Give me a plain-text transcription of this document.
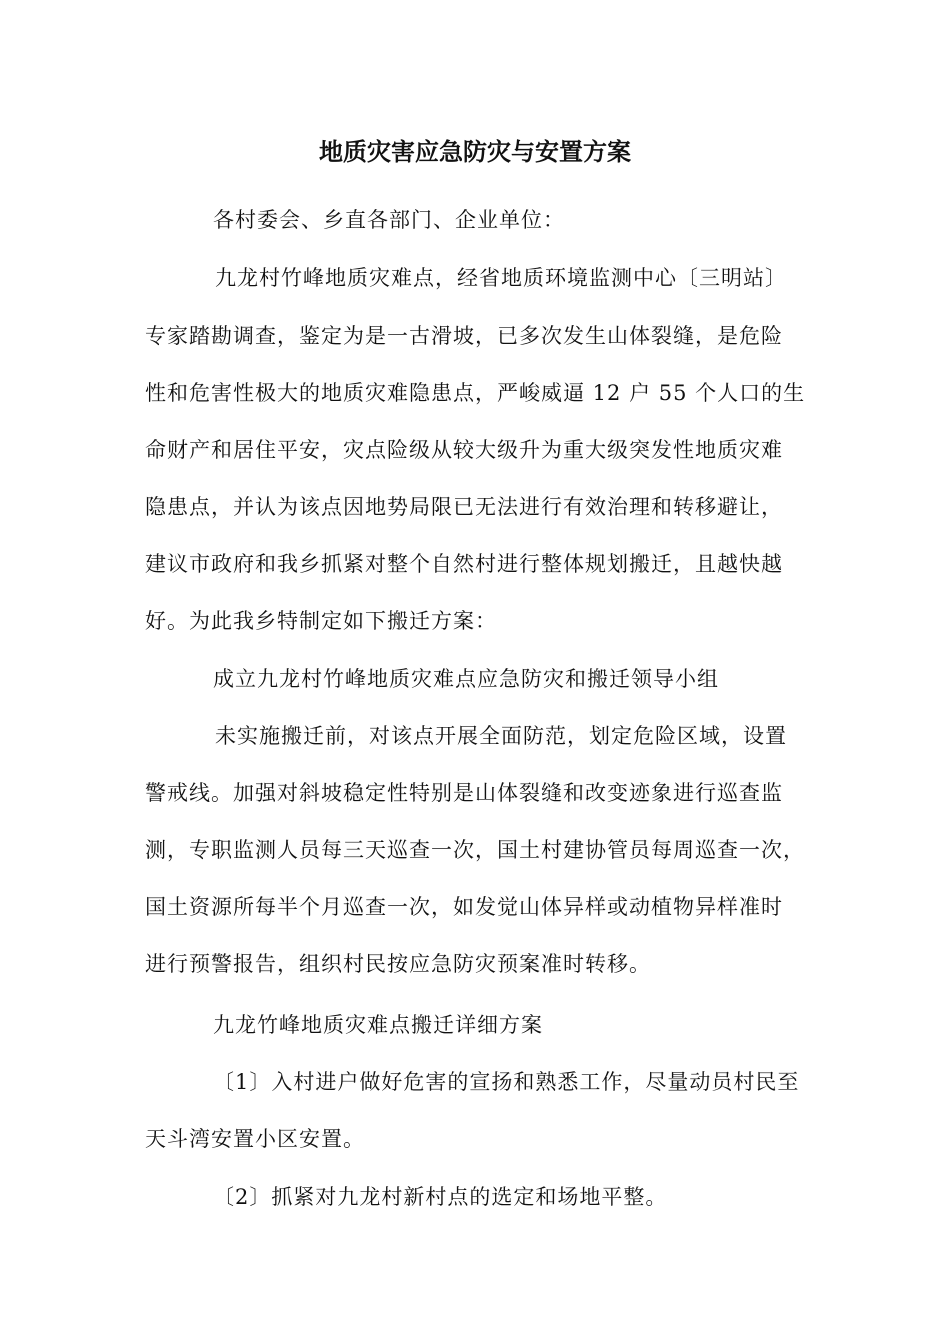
地质灾害应急防灾与安置方案
各村委会、乡直各部门、企业单位：
九龙村竹峰地质灾难点，经省地质环境监测中心〔三明站〕
专家踏勘调查，鉴定为是一古滑坡，已多次发生山体裂缝，是危险
性和危害性极大的地质灾难隐患点，严峻威逼 12 户 55 个人口的生
命财产和居住平安，灾点险级从较大级升为重大级突发性地质灾难
隐患点，并认为该点因地势局限已无法进行有效治理和转移避让，
建议市政府和我乡抓紧对整个自然村进行整体规划搬迁，且越快越
好。为此我乡特制定如下搬迁方案：
成立九龙村竹峰地质灾难点应急防灾和搬迁领导小组
未实施搬迁前，对该点开展全面防范，划定危险区域，设置
警戒线。加强对斜坡稳定性特别是山体裂缝和改变迹象进行巡查监
测，专职监测人员每三天巡查一次，国土村建协管员每周巡查一次，
国土资源所每半个月巡查一次，如发觉山体异样或动植物异样准时
进行预警报告，组织村民按应急防灾预案准时转移。
九龙竹峰地质灾难点搬迁详细方案
〔1〕入村进户做好危害的宣扬和熟悉工作，尽量动员村民至
天斗湾安置小区安置。
〔2〕抓紧对九龙村新村点的选定和场地平整。
